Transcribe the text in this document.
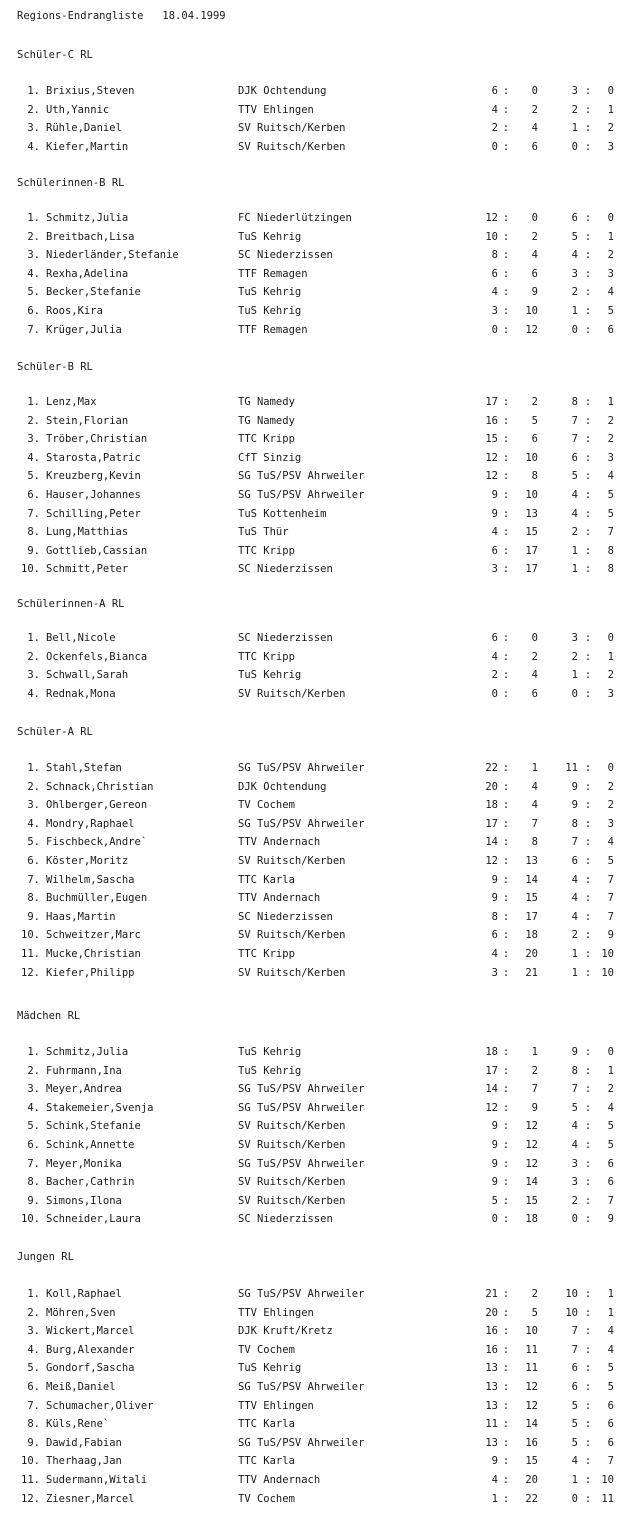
Regions-Endrangliste 18.04.1999
Schüler-C RL
1. Brixius,Steven	DJK Ochtendung	6 :	0	3 :	0
2. Uth,Yannic	TTV Ehlingen	4 :	2	2 :	1
3. Rühle,Daniel	SV Ruitsch/Kerben	2 :	4	1 :	2
4. Kiefer,Martin	SV Ruitsch/Kerben	0 :	6	0 :	3
Schülerinnen-B RL
1. Schmitz,Julia	FC Niederlützingen	12 :	0	6 :	0
2. Breitbach,Lisa	TuS Kehrig	10 :	2	5 :	1
3. Niederländer,Stefanie	SC Niederzissen	8 :	4	4 :	2
4. Rexha,Adelina	TTF Remagen	6 :	6	3 :	3
5. Becker,Stefanie	TuS Kehrig	4 :	9	2 :	4
6. Roos,Kira	TuS Kehrig	3 :	10	1 :	5
7. Krüger,Julia	TTF Remagen	0 :	12	0 :	6
Schüler-B RL
1. Lenz,Max	TG Namedy	17 :	2	8 :	1
2. Stein,Florian	TG Namedy	16 :	5	7 :	2
3. Tröber,Christian	TTC Kripp	15 :	6	7 :	2
4. Starosta,Patric	CfT Sinzig	12 :	10	6 :	3
5. Kreuzberg,Kevin	SG TuS/PSV Ahrweiler	12 :	8	5 :	4
6. Hauser,Johannes	SG TuS/PSV Ahrweiler	9 :	10	4 :	5
7. Schilling,Peter	TuS Kottenheim	9 :	13	4 :	5
8. Lung,Matthias	TuS Thür	4 :	15	2 :	7
9. Gottlieb,Cassian	TTC Kripp	6 :	17	1 :	8
10. Schmitt,Peter	SC Niederzissen	3 :	17	1 :	8
Schülerinnen-A RL
1. Bell,Nicole	SC Niederzissen	6 :	0	3 :	0
2. Ockenfels,Bianca	TTC Kripp	4 :	2	2 :	1
3. Schwall,Sarah	TuS Kehrig	2 :	4	1 :	2
4. Rednak,Mona	SV Ruitsch/Kerben	0 :	6	0 :	3
Schüler-A RL
1. Stahl,Stefan	SG TuS/PSV Ahrweiler	22 :	1	11 :	0
2. Schnack,Christian	DJK Ochtendung	20 :	4	9 :	2
3. Ohlberger,Gereon	TV Cochem	18 :	4	9 :	2
4. Mondry,Raphael	SG TuS/PSV Ahrweiler	17 :	7	8 :	3
5. Fischbeck,Andre`	TTV Andernach	14 :	8	7 :	4
6. Köster,Moritz	SV Ruitsch/Kerben	12 :	13	6 :	5
7. Wilhelm,Sascha	TTC Karla	9 :	14	4 :	7
8. Buchmüller,Eugen	TTV Andernach	9 :	15	4 :	7
9. Haas,Martin	SC Niederzissen	8 :	17	4 :	7
10. Schweitzer,Marc	SV Ruitsch/Kerben	6 :	18	2 :	9
11. Mucke,Christian	TTC Kripp	4 :	20	1 : 10
12. Kiefer,Philipp	SV Ruitsch/Kerben	3 :	21	1 : 10
Mädchen RL
1. Schmitz,Julia	TuS Kehrig	18 :	1	9 :	0
2. Fuhrmann,Ina	TuS Kehrig	17 :	2	8 :	1
3. Meyer,Andrea	SG TuS/PSV Ahrweiler	14 :	7	7 :	2
4. Stakemeier,Svenja	SG TuS/PSV Ahrweiler	12 :	9	5 :	4
5. Schink,Stefanie	SV Ruitsch/Kerben	9 :	12	4 :	5
6. Schink,Annette	SV Ruitsch/Kerben	9 :	12	4 :	5
7. Meyer,Monika	SG TuS/PSV Ahrweiler	9 :	12	3 :	6
8. Bacher,Cathrin	SV Ruitsch/Kerben	9 :	14	3 :	6
9. Simons,Ilona	SV Ruitsch/Kerben	5 :	15	2 :	7
10. Schneider,Laura	SC Niederzissen	0 :	18	0 :	9
Jungen RL
1. Koll,Raphael	SG TuS/PSV Ahrweiler	21 :	2	10 :	1
2. Möhren,Sven	TTV Ehlingen	20 :	5	10 :	1
3. Wickert,Marcel	DJK Kruft/Kretz	16 :	10	7 :	4
4. Burg,Alexander	TV Cochem	16 :	11	7 :	4
5. Gondorf,Sascha	TuS Kehrig	13 :	11	6 :	5
6. Meiß,Daniel	SG TuS/PSV Ahrweiler	13 :	12	6 :	5
7. Schumacher,Oliver	TTV Ehlingen	13 :	12	5 :	6
8. Küls,Rene`	TTC Karla	11 :	14	5 :	6
9. Dawid,Fabian	SG TuS/PSV Ahrweiler	13 :	16	5 :	6
10. Therhaag,Jan	TTC Karla	9 :	15	4 :	7
11. Sudermann,Witali	TTV Andernach	4 :	20	1 : 10
12. Ziesner,Marcel	TV Cochem	1 :	22	0 : 11
